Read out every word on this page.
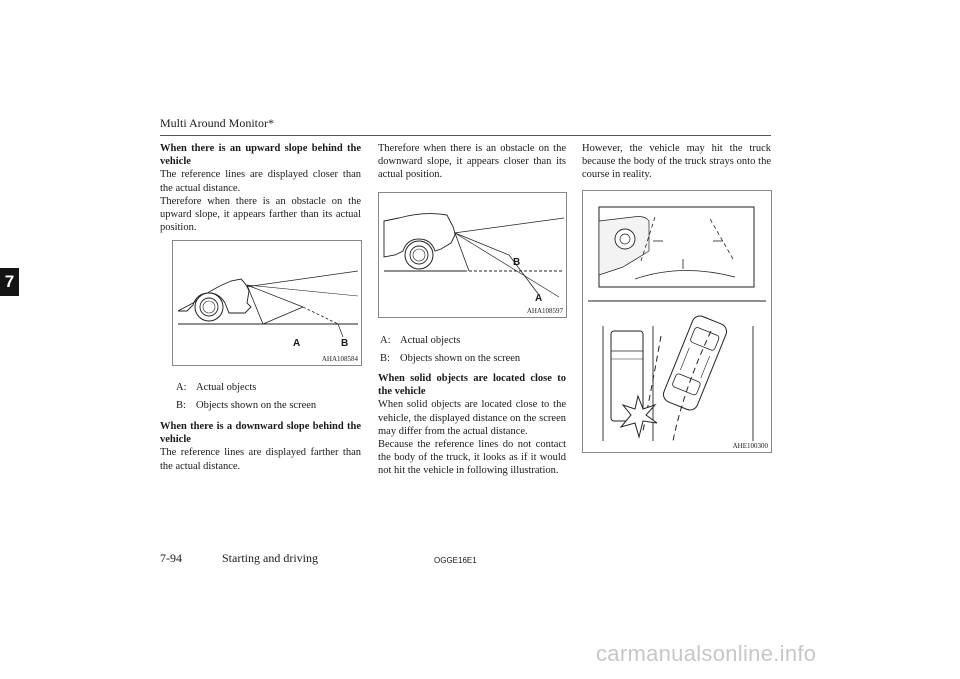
Multi Around Monitor*
7

When there is an upward slope behind the vehicle

The reference lines are displayed closer than the actual distance.

Therefore when there is an obstacle on the upward slope, it appears farther than its actual position.

A	B
AHA108584
A: Actual objects
B: Objects shown on the screen

When there is a downward slope behind the vehicle

The reference lines are displayed farther than the actual distance.

Therefore when there is an obstacle on the downward slope, it appears closer than its actual position.

B
A
AHA108597
A: Actual objects
B: Objects shown on the screen

When solid objects are located close to the vehicle

When solid objects are located close to the vehicle, the displayed distance on the screen may differ from the actual distance.

Because the reference lines do not contact the body of the truck, it looks as if it would not hit the vehicle in following illustration.

However, the vehicle may hit the truck because the body of the truck strays onto the course in reality.

AHE100300
7-94	Starting and driving	OGGE16E1
carmanualsonline.info
